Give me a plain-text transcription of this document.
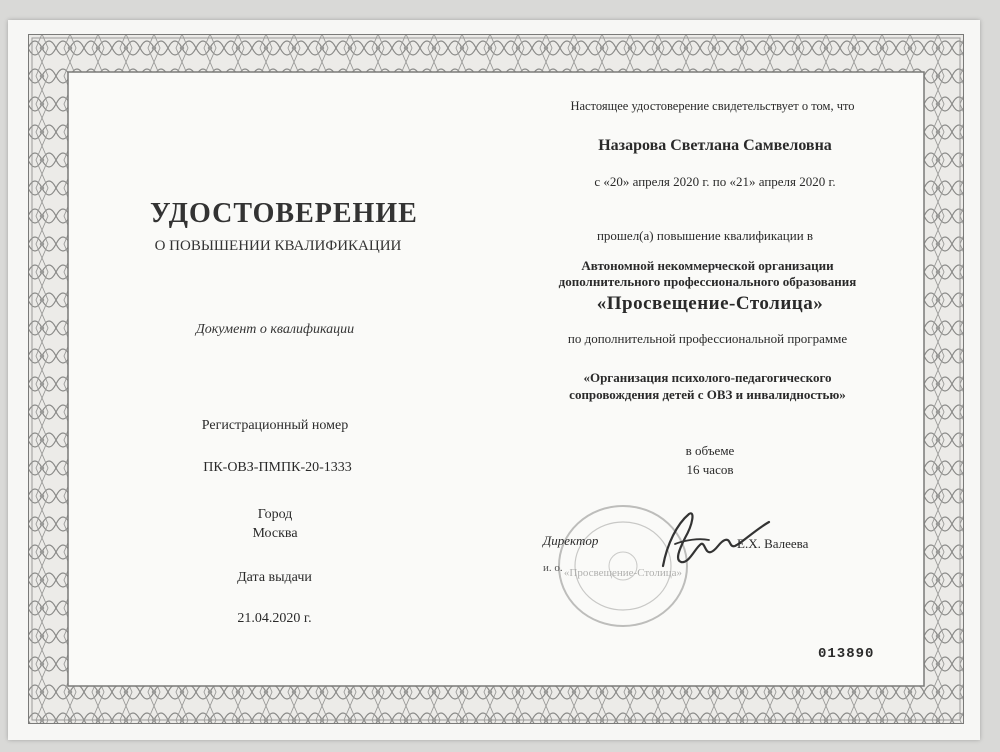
УДОСТОВЕРЕНИЕ
О ПОВЫШЕНИИ КВАЛИФИКАЦИИ
Документ о квалификации
Регистрационный номер
ПК-ОВЗ-ПМПК-20-1333
Город
Москва
Дата выдачи
21.04.2020 г.
Настоящее удостоверение свидетельствует о том, что
Назарова Светлана Самвеловна
с «20» апреля 2020 г. по «21» апреля 2020 г.
прошел(а) повышение квалификации в
Автономной некоммерческой организации
дополнительного профессионального образования
«Просвещение-Столица»
по дополнительной профессиональной программе
«Организация психолого-педагогического
сопровождения детей с ОВЗ и инвалидностью»
в объеме
16 часов
«Просвещение-Столица»
Директор
и. о.
Е.Х. Валеева
013890
